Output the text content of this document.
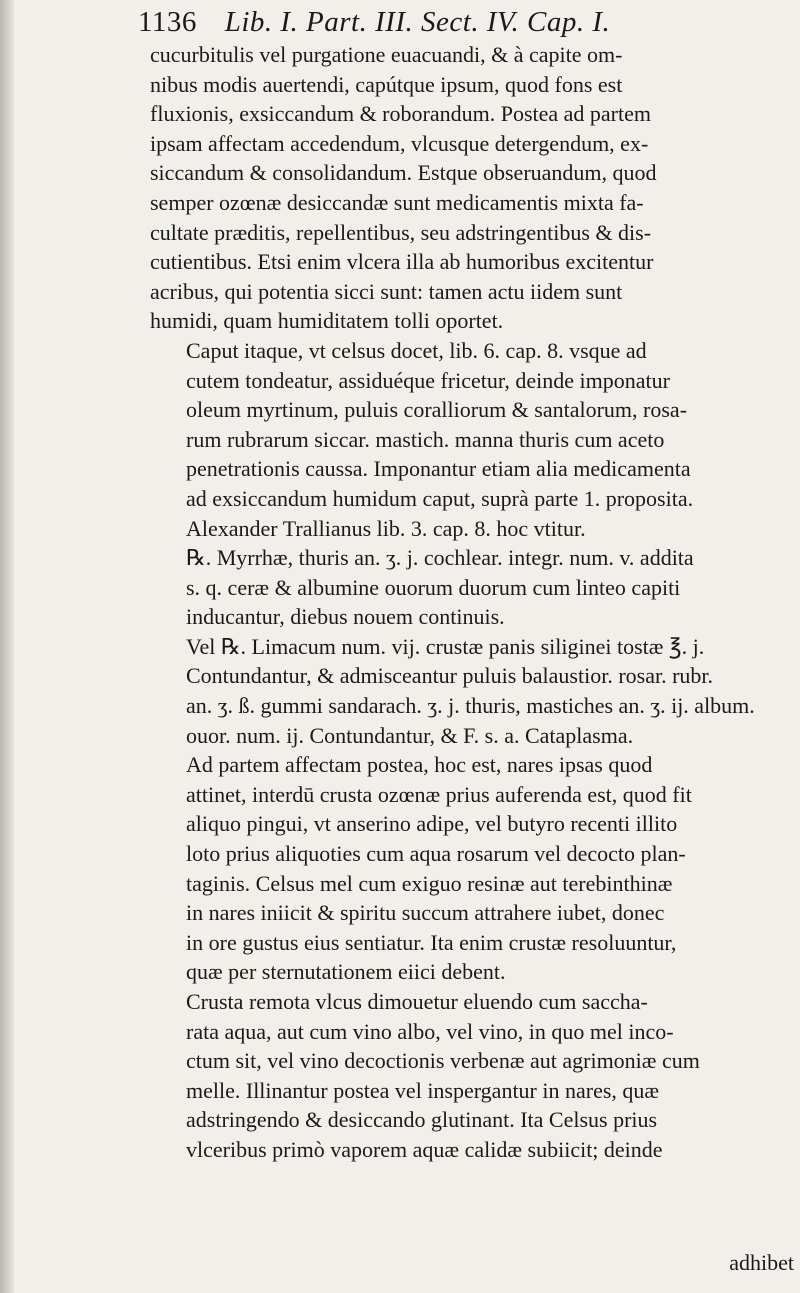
1136 Lib. I. Part. III. Sect. IV. Cap. I.
cucurbitulis vel purgatione euacuandi, & à capite om-
nibus modis auertendi, capútque ipsum, quod fons est
fluxionis, exsiccandum & roborandum. Postea ad partem
ipsam affectam accedendum, vlcusque detergendum, ex-
siccandum & consolidandum. Estque obseruandum, quod
semper ozœnæ desiccandæ sunt medicamentis mixta fa-
cultate præditis, repellentibus, seu adstringentibus & dis-
cutientibus. Etsi enim vlcera illa ab humoribus excitentur
acribus, qui potentia sicci sunt: tamen actu iidem sunt
humidi, quam humiditatem tolli oportet.
Caput itaque, vt celsus docet, lib. 6. cap. 8. vsque ad
cutem tondeatur, assiduéque fricetur, deinde imponatur
oleum myrtinum, puluis coralliorum & santalorum, rosa-
rum rubrarum siccar. mastich. manna thuris cum aceto
penetrationis caussa. Imponantur etiam alia medicamenta
ad exsiccandum humidum caput, suprà parte 1. proposita.
Alexander Trallianus lib. 3. cap. 8. hoc vtitur.
℞. Myrrhæ, thuris an. ʒ. j. cochlear. integr. num. v. addita
s. q. ceræ & albumine ouorum duorum cum linteo capiti
inducantur, diebus nouem continuis.
Vel ℞. Limacum num. vij. crustæ panis siliginei tostæ ℥. j.
Contundantur, & admisceantur puluis balaustior. rosar. rubr.
an. ʒ. ß. gummi sandarach. ʒ. j. thuris, mastiches an. ʒ. ij. album.
ouor. num. ij. Contundantur, & F. s. a. Cataplasma.
Ad partem affectam postea, hoc est, nares ipsas quod
attinet, interdū crusta ozœnæ prius auferenda est, quod fit
aliquo pingui, vt anserino adipe, vel butyro recenti illito
loto prius aliquoties cum aqua rosarum vel decocto plan-
taginis. Celsus mel cum exiguo resinæ aut terebinthinæ
in nares iniicit & spiritu succum attrahere iubet, donec
in ore gustus eius sentiatur. Ita enim crustæ resoluuntur,
quæ per sternutationem eiici debent.
Crusta remota vlcus dimouetur eluendo cum saccha-
rata aqua, aut cum vino albo, vel vino, in quo mel inco-
ctum sit, vel vino decoctionis verbenæ aut agrimoniæ cum
melle. Illinantur postea vel inspergantur in nares, quæ
adstringendo & desiccando glutinant. Ita Celsus prius
vlceribus primò vaporem aquæ calidæ subiicit; deinde
adhibet
